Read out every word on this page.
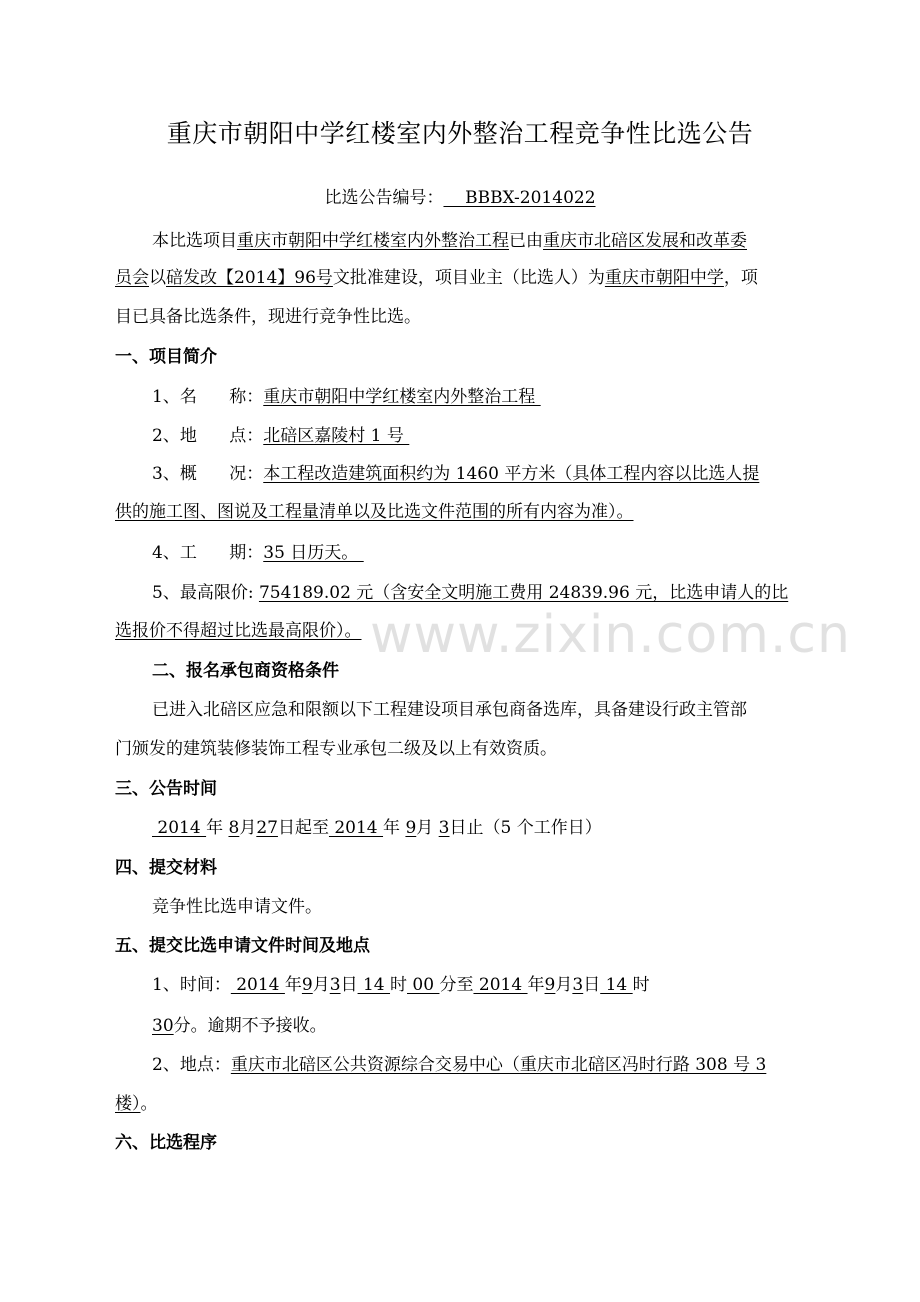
重庆市朝阳中学红楼室内外整治工程竞争性比选公告
比选公告编号：    BBBX-2014022
本比选项目重庆市朝阳中学红楼室内外整治工程已由重庆市北碚区发展和改革委
员会以碚发改【2014】96号文批准建设，项目业主（比选人）为重庆市朝阳中学，项
目已具备比选条件，现进行竞争性比选。
一、项目简介
1、名      称：重庆市朝阳中学红楼室内外整治工程
2、地      点：北碚区嘉陵村 1 号
3、概      况：本工程改造建筑面积约为 1460 平方米（具体工程内容以比选人提
供的施工图、图说及工程量清单以及比选文件范围的所有内容为准）。
4、工      期：35 日历天。
5、最高限价: 754189.02 元（含安全文明施工费用 24839.96 元，比选申请人的比
选报价不得超过比选最高限价）。
二、报名承包商资格条件
已进入北碚区应急和限额以下工程建设项目承包商备选库，具备建设行政主管部
门颁发的建筑装修装饰工程专业承包二级及以上有效资质。
三、公告时间
2014 年 8月27日起至 2014 年 9月 3日止（5 个工作日）
四、提交材料
竞争性比选申请文件。
五、提交比选申请文件时间及地点
1、时间： 2014 年9月3日 14 时 00 分至 2014 年9月3日 14 时
30分。逾期不予接收。
2、地点：重庆市北碚区公共资源综合交易中心（重庆市北碚区冯时行路 308 号 3
楼）。
六、比选程序
www.zixin.com.cn
